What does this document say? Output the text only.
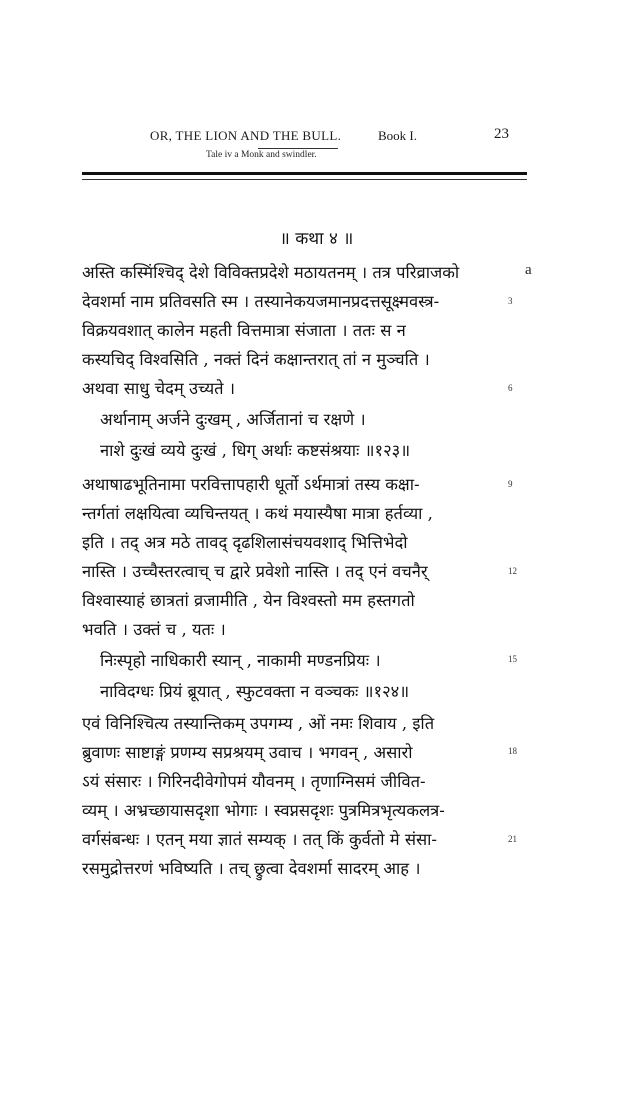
OR, THE LION AND THE BULL.	Book I.	23
Tale iv a Monk and swindler.
॥ कथा ४ ॥
a
अस्ति कस्मिंश्चिद् देशे विविक्तप्रदेशे मठायतनम् । तत्र परिव्राजको
देवशर्मा नाम प्रतिवसति स्म । तस्यानेकयजमानप्रदत्तसूक्ष्मवस्त्र-
विक्रयवशात् कालेन महती वित्तमात्रा संजाता । ततः स न
कस्यचिद् विश्वसिति , नक्तं दिनं कक्षान्तरात् तां न मुञ्चति ।
अथवा साधु चेदम् उच्यते ।
अर्थानाम् अर्जने दुःखम् , अर्जितानां च रक्षणे ।
नाशे दुःखं व्यये दुःखं , धिग् अर्थाः कष्टसंश्रयाः ॥१२३॥
अथाषाढभूतिनामा परवित्तापहारी धूर्तो ऽर्थमात्रां तस्य कक्षा-
न्तर्गतां लक्षयित्वा व्यचिन्तयत् । कथं मयास्यैषा मात्रा हर्तव्या ,
इति । तद् अत्र मठे तावद् दृढशिलासंचयवशाद् भित्तिभेदो
नास्ति । उच्चैस्तरत्वाच् च द्वारे प्रवेशो नास्ति । तद् एनं वचनैर्
विश्वास्याहं छात्रतां व्रजामीति , येन विश्वस्तो मम हस्तगतो
भवति । उक्तं च , यतः ।
निःस्पृहो नाधिकारी स्यान् , नाकामी मण्डनप्रियः ।
नाविदग्धः प्रियं ब्रूयात् , स्फुटवक्ता न वञ्चकः ॥१२४॥
एवं विनिश्चित्य तस्यान्तिकम् उपगम्य , ओं नमः शिवाय , इति
ब्रुवाणः साष्टाङ्गं प्रणम्य सप्रश्रयम् उवाच । भगवन् , असारो
ऽयं संसारः । गिरिनदीवेगोपमं यौवनम् । तृणाग्निसमं जीवित-
व्यम् । अभ्रच्छायासदृशा भोगाः । स्वप्नसदृशः पुत्रमित्रभृत्यकलत्र-
वर्गसंबन्धः । एतन् मया ज्ञातं सम्यक् । तत् किं कुर्वतो मे संसा-
रसमुद्रोत्तरणं भविष्यति । तच् छ्रुत्वा देवशर्मा सादरम् आह ।
3
6
9
12
15
18
21
